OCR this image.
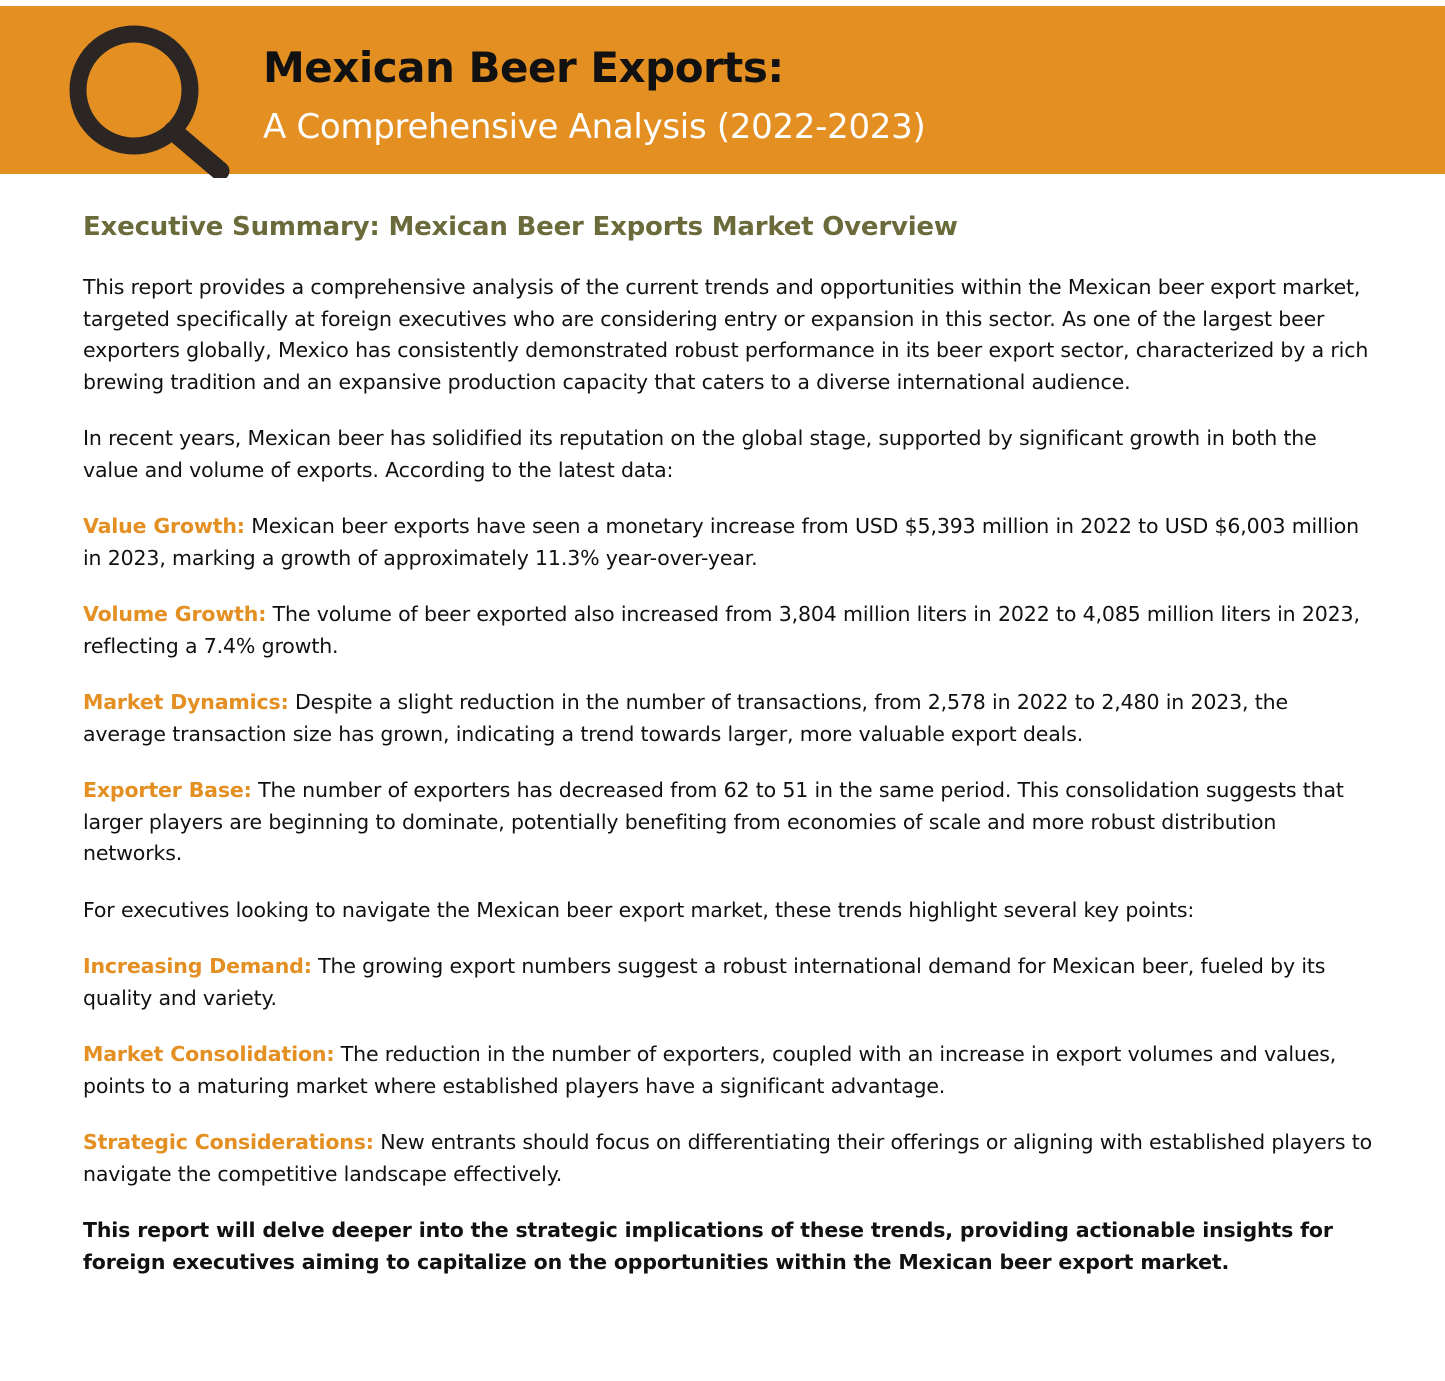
Mexican Beer Exports:
A Comprehensive Analysis (2022-2023)
Executive Summary: Mexican Beer Exports Market Overview

This report provides a comprehensive analysis of the current trends and opportunities within the Mexican beer export market, targeted specifically at foreign executives who are considering entry or expansion in this sector. As one of the largest beer exporters globally, Mexico has consistently demonstrated robust performance in its beer export sector, characterized by a rich brewing tradition and an expansive production capacity that caters to a diverse international audience.

In recent years, Mexican beer has solidified its reputation on the global stage, supported by significant growth in both the value and volume of exports. According to the latest data:

Value Growth: Mexican beer exports have seen a monetary increase from USD $5,393 million in 2022 to USD $6,003 million in 2023, marking a growth of approximately 11.3% year-over-year.

Volume Growth: The volume of beer exported also increased from 3,804 million liters in 2022 to 4,085 million liters in 2023, reflecting a 7.4% growth.

Market Dynamics: Despite a slight reduction in the number of transactions, from 2,578 in 2022 to 2,480 in 2023, the average transaction size has grown, indicating a trend towards larger, more valuable export deals.

Exporter Base: The number of exporters has decreased from 62 to 51 in the same period. This consolidation suggests that larger players are beginning to dominate, potentially benefiting from economies of scale and more robust distribution networks.

For executives looking to navigate the Mexican beer export market, these trends highlight several key points:

Increasing Demand: The growing export numbers suggest a robust international demand for Mexican beer, fueled by its quality and variety.

Market Consolidation: The reduction in the number of exporters, coupled with an increase in export volumes and values, points to a maturing market where established players have a significant advantage.

Strategic Considerations: New entrants should focus on differentiating their offerings or aligning with established players to navigate the competitive landscape effectively.

This report will delve deeper into the strategic implications of these trends, providing actionable insights for foreign executives aiming to capitalize on the opportunities within the Mexican beer export market.
